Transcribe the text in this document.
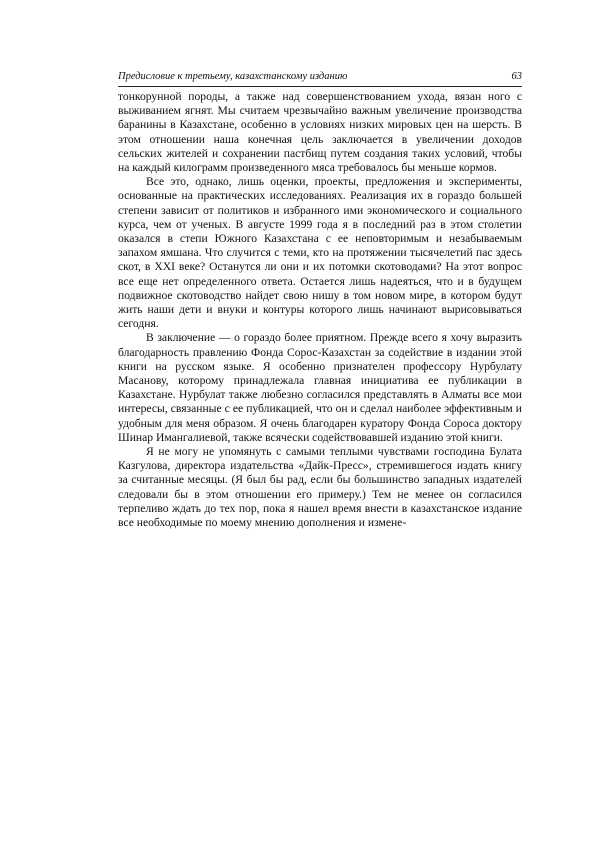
Предисловие к третьему, казахстанскому изданию	63

тонкорунной породы, а также над совершенствованием ухода, вязан ного с выживанием ягнят. Мы считаем чрезвычайно важным увеличение производства баранины в Казахстане, особенно в условиях низких мировых цен на шерсть. В этом отношении наша конечная цель заключается в увеличении доходов сельских жителей и сохранении пастбищ путем создания таких условий, чтобы на каждый килограмм произведенного мяса требовалось бы меньше кормов.

Все это, однако, лишь оценки, проекты, предложения и эксперименты, основанные на практических исследованиях. Реализация их в гораздо большей степени зависит от политиков и избранного ими экономического и социального курса, чем от ученых. В августе 1999 года я в последний раз в этом столетии оказался в степи Южного Казахстана с ее неповторимым и незабываемым запахом ямшана. Что случится с теми, кто на протяжении тысячелетий пас здесь скот, в XXI веке? Останутся ли они и их потомки скотоводами? На этот вопрос все еще нет определенного ответа. Остается лишь надеяться, что и в будущем подвижное скотоводство найдет свою нишу в том новом мире, в котором будут жить наши дети и внуки и контуры которого лишь начинают вырисовываться сегодня.

В заключение — о гораздо более приятном. Прежде всего я хочу выразить благодарность правлению Фонда Сорос-Казахстан за содействие в издании этой книги на русском языке. Я особенно признателен профессору Нурбулату Масанову, которому принадлежала главная инициатива ее публикации в Казахстане. Нурбулат также любезно согласился представлять в Алматы все мои интересы, связанные с ее публикацией, что он и сделал наиболее эффективным и удобным для меня образом. Я очень благодарен куратору Фонда Сороса доктору Шинар Имангалиевой, также всячески содействовавшей изданию этой книги.

Я не могу не упомянуть с самыми теплыми чувствами господина Булата Казгулова, директора издательства «Дайк-Пресс», стремившегося издать книгу за считанные месяцы. (Я был бы рад, если бы большинство западных издателей следовали бы в этом отношении его примеру.) Тем не менее он согласился терпеливо ждать до тех пор, пока я нашел время внести в казахстанское издание все необходимые по моему мнению дополнения и измене-
